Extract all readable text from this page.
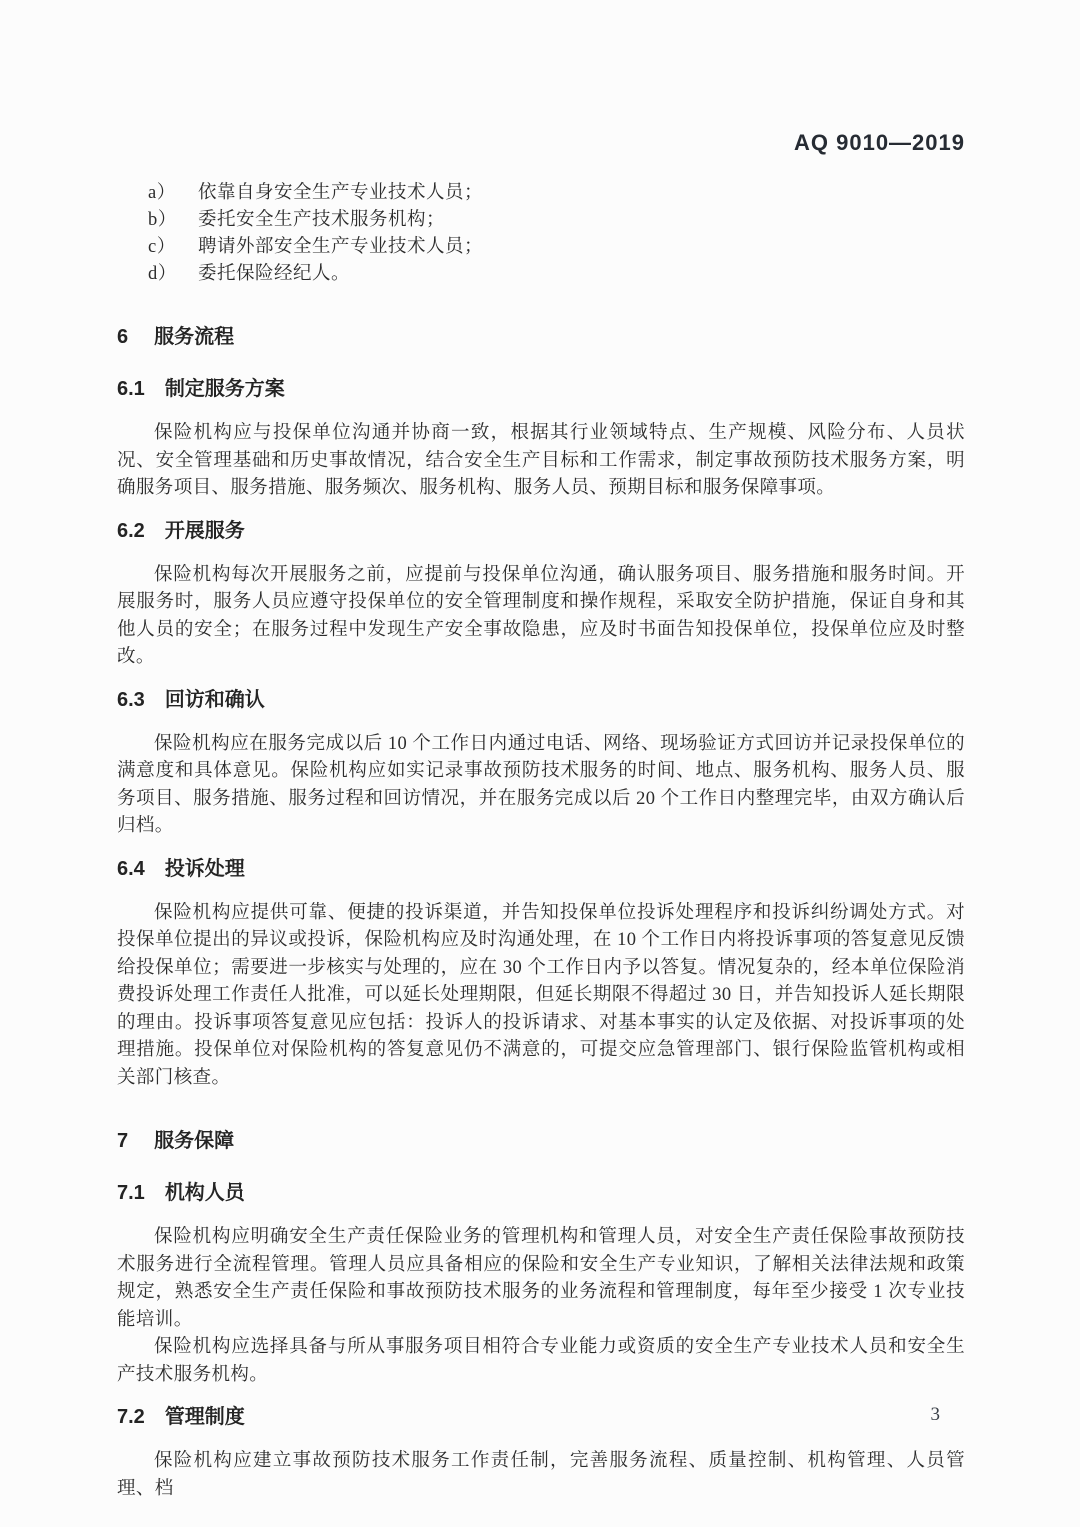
AQ 9010—2019
a）	依靠自身安全生产专业技术人员；
b）	委托安全生产技术服务机构；
c）	聘请外部安全生产专业技术人员；
d）	委托保险经纪人。
6 服务流程
6.1 制定服务方案

保险机构应与投保单位沟通并协商一致，根据其行业领域特点、生产规模、风险分布、人员状况、安全管理基础和历史事故情况，结合安全生产目标和工作需求，制定事故预防技术服务方案，明确服务项目、服务措施、服务频次、服务机构、服务人员、预期目标和服务保障事项。

6.2 开展服务

保险机构每次开展服务之前，应提前与投保单位沟通，确认服务项目、服务措施和服务时间。开展服务时，服务人员应遵守投保单位的安全管理制度和操作规程，采取安全防护措施，保证自身和其他人员的安全；在服务过程中发现生产安全事故隐患，应及时书面告知投保单位，投保单位应及时整改。

6.3 回访和确认

保险机构应在服务完成以后 10 个工作日内通过电话、网络、现场验证方式回访并记录投保单位的满意度和具体意见。保险机构应如实记录事故预防技术服务的时间、地点、服务机构、服务人员、服务项目、服务措施、服务过程和回访情况，并在服务完成以后 20 个工作日内整理完毕，由双方确认后归档。

6.4 投诉处理

保险机构应提供可靠、便捷的投诉渠道，并告知投保单位投诉处理程序和投诉纠纷调处方式。对投保单位提出的异议或投诉，保险机构应及时沟通处理，在 10 个工作日内将投诉事项的答复意见反馈给投保单位；需要进一步核实与处理的，应在 30 个工作日内予以答复。情况复杂的，经本单位保险消费投诉处理工作责任人批准，可以延长处理期限，但延长期限不得超过 30 日，并告知投诉人延长期限的理由。投诉事项答复意见应包括：投诉人的投诉请求、对基本事实的认定及依据、对投诉事项的处理措施。投保单位对保险机构的答复意见仍不满意的，可提交应急管理部门、银行保险监管机构或相关部门核查。

7 服务保障
7.1 机构人员

保险机构应明确安全生产责任保险业务的管理机构和管理人员，对安全生产责任保险事故预防技术服务进行全流程管理。管理人员应具备相应的保险和安全生产专业知识，了解相关法律法规和政策规定，熟悉安全生产责任保险和事故预防技术服务的业务流程和管理制度，每年至少接受 1 次专业技能培训。

保险机构应选择具备与所从事服务项目相符合专业能力或资质的安全生产专业技术人员和安全生产技术服务机构。

7.2 管理制度

保险机构应建立事故预防技术服务工作责任制，完善服务流程、质量控制、机构管理、人员管理、档

3
